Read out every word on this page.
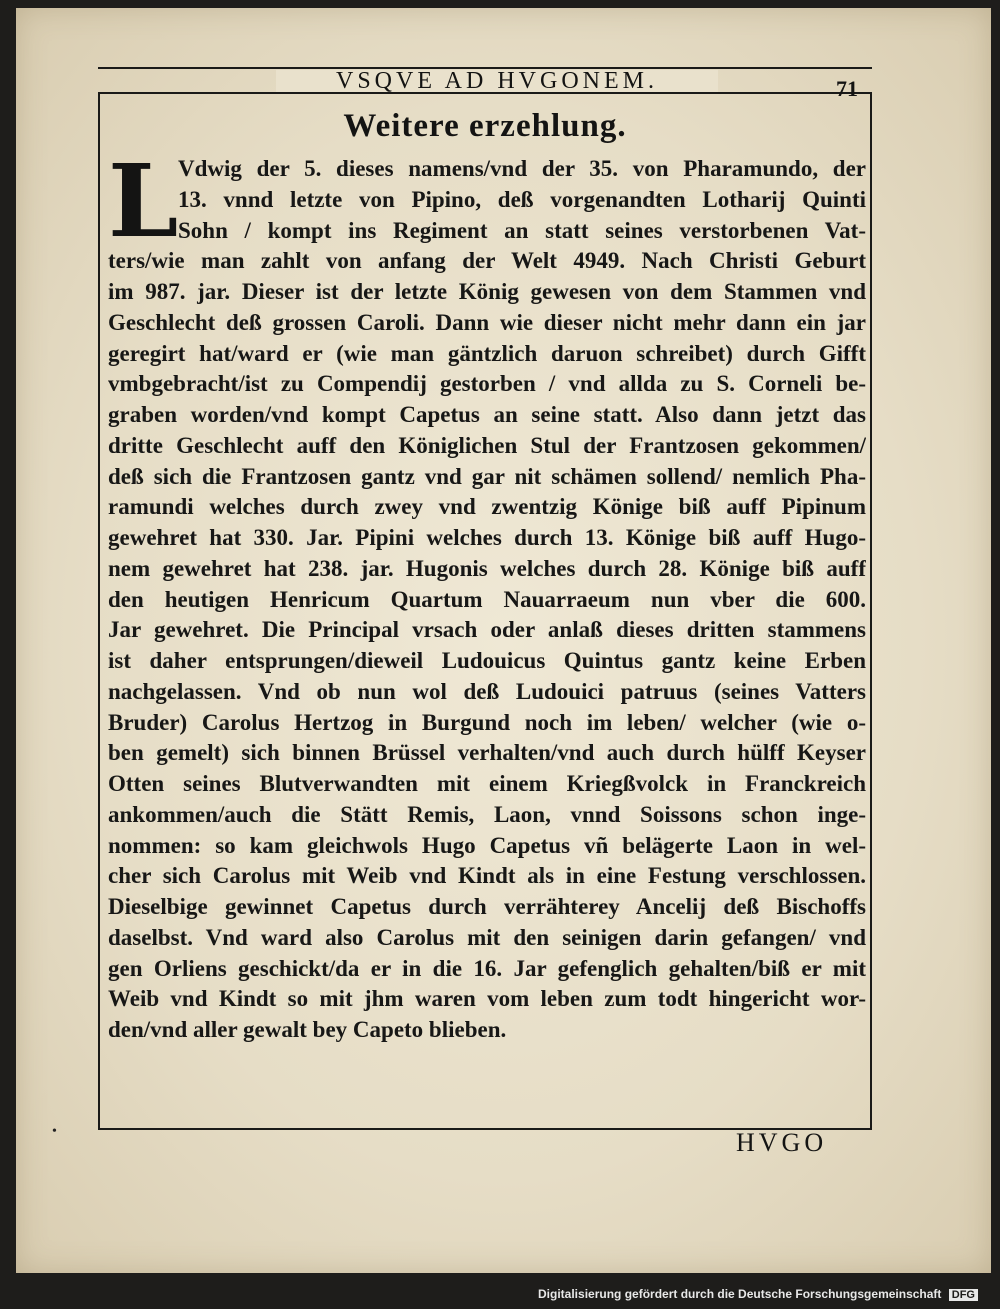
VSQVE AD HVGONEM.	71
Weitere erzehlung.
L Vdwig der 5. dieses namens/vnd der 35. von Pharamundo, der
13. vnnd letzte von Pipino, deß vorgenandten Lotharij Quinti
Sohn / kompt ins Regiment an statt seines verstorbenen Vat-
ters/wie man zahlt von anfang der Welt 4949. Nach Christi Geburt
im 987. jar. Dieser ist der letzte König gewesen von dem Stammen vnd
Geschlecht deß grossen Caroli. Dann wie dieser nicht mehr dann ein jar
geregirt hat/ward er (wie man gäntzlich daruon schreibet) durch Gifft
vmbgebracht/ist zu Compendij gestorben / vnd allda zu S. Corneli be-
graben worden/vnd kompt Capetus an seine statt. Also dann jetzt das
dritte Geschlecht auff den Königlichen Stul der Frantzosen gekommen/
deß sich die Frantzosen gantz vnd gar nit schämen sollend/ nemlich Pha-
ramundi welches durch zwey vnd zwentzig Könige biß auff Pipinum
gewehret hat 330. Jar. Pipini welches durch 13. Könige biß auff Hugo-
nem gewehret hat 238. jar. Hugonis welches durch 28. Könige biß auff
den heutigen Henricum Quartum Nauarraeum nun vber die 600.
Jar gewehret. Die Principal vrsach oder anlaß dieses dritten stammens
ist daher entsprungen/dieweil Ludouicus Quintus gantz keine Erben
nachgelassen. Vnd ob nun wol deß Ludouici patruus (seines Vatters
Bruder) Carolus Hertzog in Burgund noch im leben/ welcher (wie o-
ben gemelt) sich binnen Brüssel verhalten/vnd auch durch hülff Keyser
Otten seines Blutverwandten mit einem Kriegßvolck in Franckreich
ankommen/auch die Stätt Remis, Laon, vnnd Soissons schon inge-
nommen: so kam gleichwols Hugo Capetus vñ belägerte Laon in wel-
cher sich Carolus mit Weib vnd Kindt als in eine Festung verschlossen.
Dieselbige gewinnet Capetus durch verrähterey Ancelij deß Bischoffs
daselbst. Vnd ward also Carolus mit den seinigen darin gefangen/ vnd
gen Orliens geschickt/da er in die 16. Jar gefenglich gehalten/biß er mit
Weib vnd Kindt so mit jhm waren vom leben zum todt hingericht wor-
den/vnd aller gewalt bey Capeto blieben.
HVGO
•
Digitalisierung gefördert durch die Deutsche Forschungsgemeinschaft DFG
